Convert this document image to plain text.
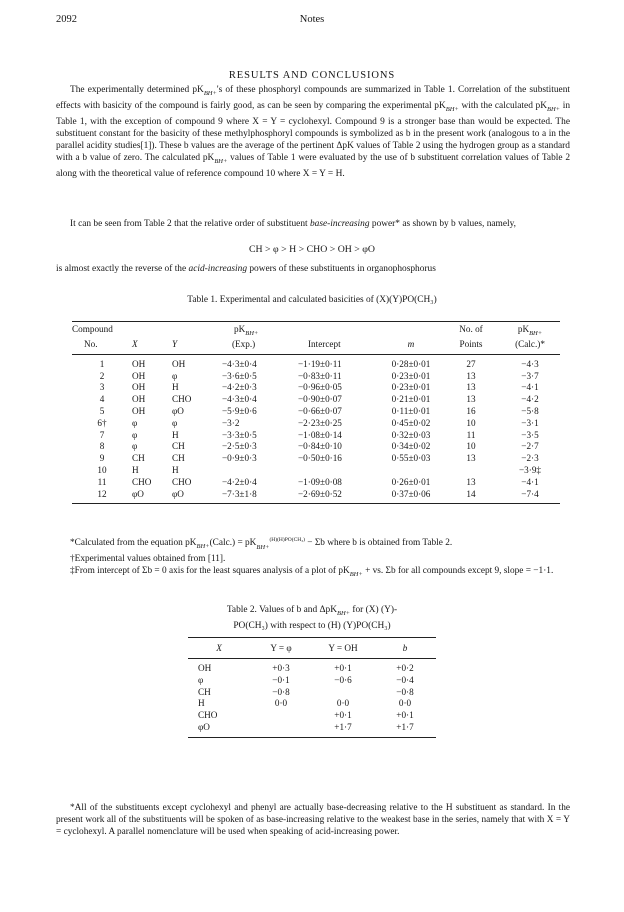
2092	Notes
RESULTS AND CONCLUSIONS

The experimentally determined $pK_{BH+}'s$ of these phosphoryl compounds are summarized in Table 1. Correlation of the substituent effects with basicity of the compound is fairly good, as can be seen by comparing the experimental $pK_{BH+}$ with the calculated $pK_{BH+}$ in Table 1, with the exception of compound 9 where X = Y = cyclohexyl. Compound 9 is a stronger base than would be expected. The substituent constant for the basicity of these methylphosphoryl compounds is symbolized as b in the present work (analogous to a in the parallel acidity studies[1]). These b values are the average of the pertinent ΔpK values of Table 2 using the hydrogen group as a standard with a b value of zero. The calculated $pK_{BH+}$ values of Table 1 were evaluated by the use of b substituent correlation values of Table 2 along with the theoretical value of reference compound 10 where X = Y = H.

It can be seen from Table 2 that the relative order of substituent base-increasing power* as shown by b values, namely,

CH > φ > H > CHO > OH > φO

is almost exactly the reverse of the acid-increasing powers of these substituents in organophosphorus

Table 1. Experimental and calculated basicities of (X)(Y)PO(CH₃)
Compound			$pK_{BH+}$			No. of	$pK_{BH+}$
No.	X	Y	(Exp.)	Intercept	m	Points	(Calc.)*
1	OH	OH	−4·3±0·4	−1·19±0·11	0·28±0·01	27	−4·3
2	OH	φ	−3·6±0·5	−0·83±0·11	0·23±0·01	13	−3·7
3	OH	H	−4·2±0·3	−0·96±0·05	0·23±0·01	13	−4·1
4	OH	CHO	−4·3±0·4	−0·90±0·07	0·21±0·01	13	−4·2
5	OH	φO	−5·9±0·6	−0·66±0·07	0·11±0·01	16	−5·8
6†	φ	φ	−3·2	−2·23±0·25	0·45±0·02	10	−3·1
7	φ	H	−3·3±0·5	−1·08±0·14	0·32±0·03	11	−3·5
8	φ	CH	−2·5±0·3	−0·84±0·10	0·34±0·02	10	−2·7
9	CH	CH	−0·9±0·3	−0·50±0·16	0·55±0·03	13	−2·3
10	H	H					−3·9‡
11	CHO	CHO	−4·2±0·4	−1·09±0·08	0·26±0·01	13	−4·1
12	φO	φO	−7·3±1·8	−2·69±0·52	0·37±0·06	14	−7·4

*Calculated from the equation $pK_{BH+}(Calc.) = pK_{BH+}^{(H)(H)PO(CH_3)} - \Sigma b$ where b is obtained from Table 2.

†Experimental values obtained from [11].

‡From intercept of Σb = 0 axis for the least squares analysis of a plot of $pK_{BH+}$ + vs. Σb for all compounds except 9, slope = −1·1.

Table 2. Values of b and ΔpK$_{BH+}$ for (X) (Y)-
PO(CH₃) with respect to (H) (Y)PO(CH₃)
X	Y = φ	Y = OH	b
OH	+0·3	+0·1	+0·2
φ	−0·1	−0·6	−0·4
CH	−0·8		−0·8
H	0·0	0·0	0·0
CHO		+0·1	+0·1
φO		+1·7	+1·7

*All of the substituents except cyclohexyl and phenyl are actually base-decreasing relative to the H substituent as standard. In the present work all of the substituents will be spoken of as base-increasing relative to the weakest base in the series, namely that with X = Y = cyclohexyl. A parallel nomenclature will be used when speaking of acid-increasing power.
